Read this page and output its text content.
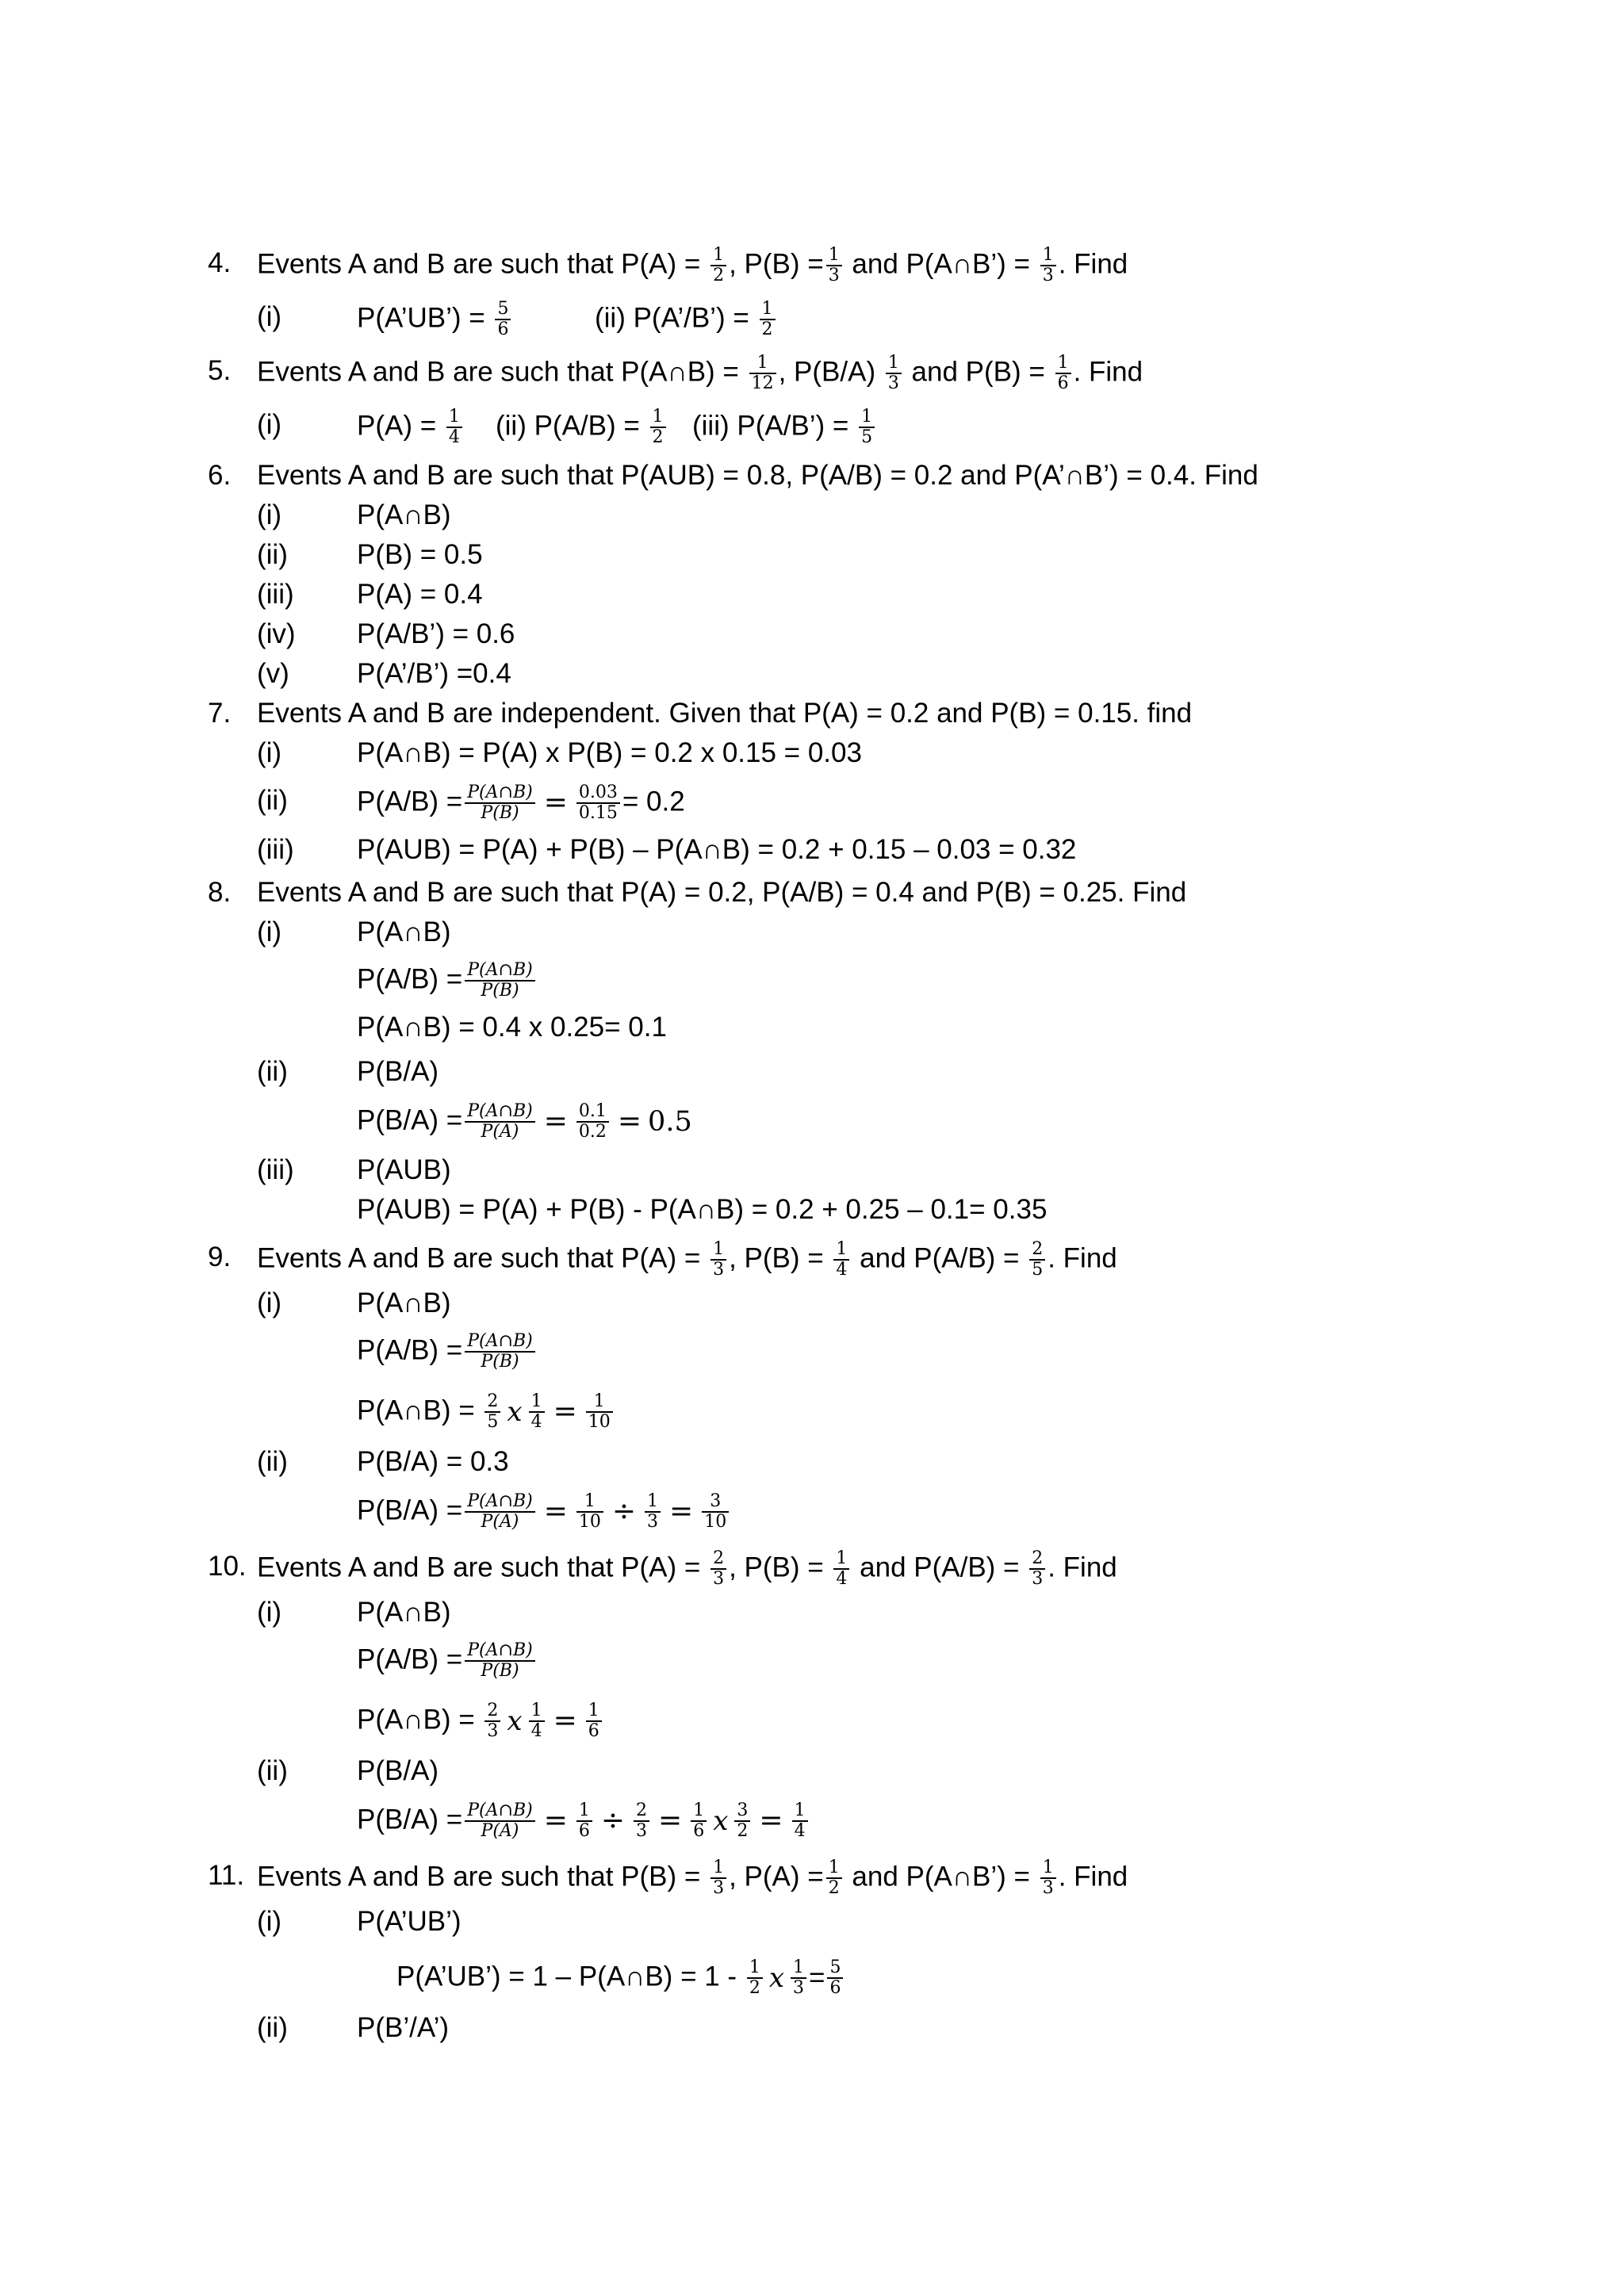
4. Events A and B are such that $P(A) = \frac{1}{2}$ , $P(B) = \frac{1}{3}$ and P(A∩B’) = $\frac{1}{3}$ . Find
(i)	P(A’UB’) = $\frac{5}{6}$	(ii) P(A’/B’) = $\frac{1}{2}$
5. Events A and B are such that P(A∩B) = $\frac{1}{12}$ , $P(B/A) \frac{1}{3}$ and $P(B) = \frac{1}{6}$ . Find
(i)	$P(A) = \frac{1}{4} (ii) P(A/B) = \frac{1}{2} (iii)$ P(A/B’) = $\frac{1}{5}$
6. Events A and B are such that P(AUB) = 0.8, P(A/B) = 0.2 and P(A’∩B’) = 0.4. Find
(i)	P(A∩B)
(ii) P(B) = 0.5
(iii) P(A) = 0.4
(iv) P(A/B’) = 0.6
(v) P(A’/B’) =0.4
7. Events A and B are independent. Given that P(A) = 0.2 and P(B) = 0.15. find
(i)	P(A∩B) = P(A) x P(B) = 0.2 x 0.15 = 0.03
(ii) $P(A/B) = \frac{P(A\cap B)}{P(B)} = \frac{0.03}{0.15} = 0.2$
(iii) P(AUB) = P(A) + P(B) – P(A∩B) = 0.2 + 0.15 – 0.03 = 0.32
8. Events A and B are such that P(A) = 0.2, P(A/B) = 0.4 and P(B) = 0.25. Find
(i)	P(A∩B)
$P(A/B) = \frac{P(A\cap B)}{P(B)}$
P(A∩B) = 0.4 x 0.25= 0.1
(ii) P(B/A)
$P(B/A) = \frac{P(A\cap B)}{P(A)} = \frac{0.1}{0.2} = 0.5$
(iii) P(AUB)
P(AUB) = P(A) + P(B) - P(A∩B) = 0.2 + 0.25 – 0.1= 0.35
9. Events A and B are such that $P(A) = \frac{1}{3}$ , $P(B) = \frac{1}{4}$ and $P(A/B) = \frac{2}{5}$ . Find
(i)	P(A∩B)
$P(A/B) = \frac{P(A\cap B)}{P(B)}$
P(A∩B) = $\frac{2}{5}$ x $\frac{1}{4} = \frac{1}{10}$
(ii) P(B/A) = 0.3
$P(B/A) = \frac{P(A\cap B)}{P(A)} = \frac{1}{10} \div \frac{1}{3} = \frac{3}{10}$
10. Events A and B are such that $P(A) = \frac{2}{3}$ , $P(B) = \frac{1}{4}$ and $P(A/B) = \frac{2}{3}$ . Find
(i)	P(A∩B)
$P(A/B) = \frac{P(A\cap B)}{P(B)}$
P(A∩B) = $\frac{2}{3}$ x $\frac{1}{4} = \frac{1}{6}$
(ii) P(B/A)
$P(B/A) = \frac{P(A\cap B)}{P(A)} = \frac{1}{6} \div \frac{2}{3} = \frac{1}{6}$ x $\frac{3}{2} = \frac{1}{4}$
11. Events A and B are such that $P(B) = \frac{1}{3}$ , $P(A) = \frac{1}{2}$ and P(A∩B’) = $\frac{1}{3}$ . Find
(i)	P(A’UB’)
P(A’UB’) = 1 – P(A∩B) = $1 - \frac{1}{2}$ x $\frac{1}{3} = \frac{5}{6}$
(ii) P(B’/A’)
